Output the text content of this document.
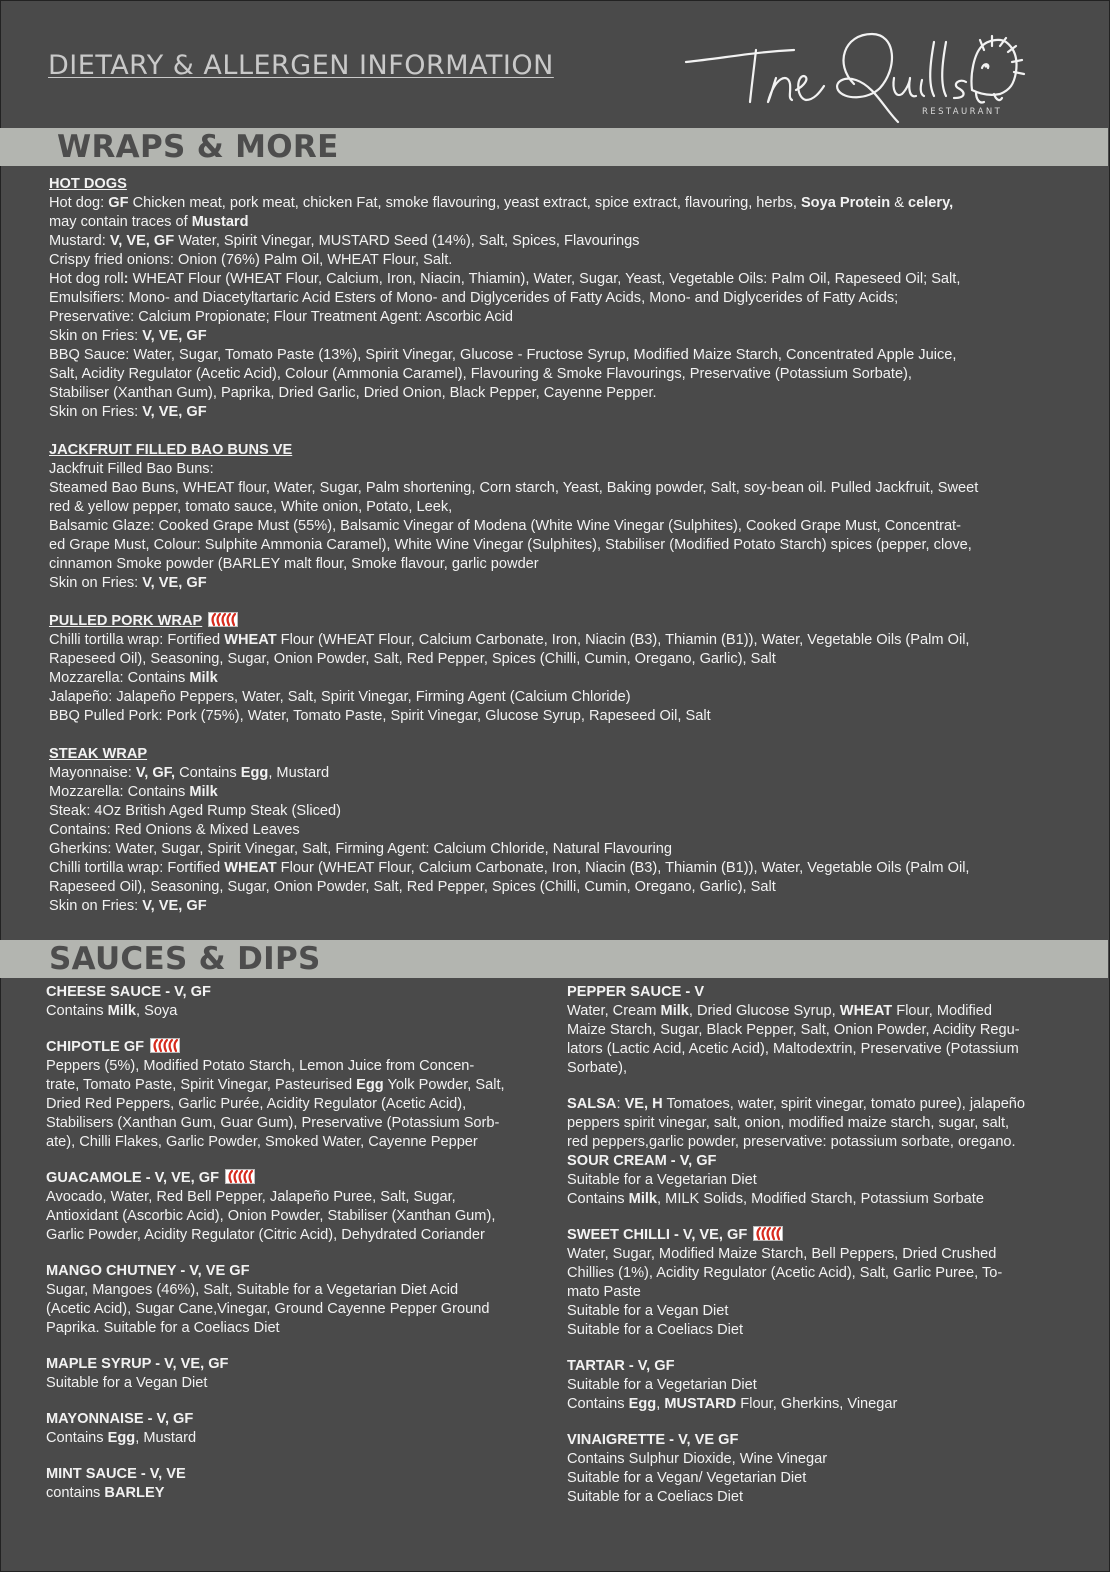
DIETARY & ALLERGEN INFORMATION
RESTAURANT
WRAPS & MORE
HOT DOGS
Hot dog: GF Chicken meat, pork meat, chicken Fat, smoke flavouring, yeast extract, spice extract, flavouring, herbs, Soya Protein & celery,
may contain traces of Mustard
Mustard: V, VE, GF Water, Spirit Vinegar, MUSTARD Seed (14%), Salt, Spices, Flavourings
Crispy fried onions: Onion (76%) Palm Oil, WHEAT Flour, Salt.
Hot dog roll: WHEAT Flour (WHEAT Flour, Calcium, Iron, Niacin, Thiamin), Water, Sugar, Yeast, Vegetable Oils: Palm Oil, Rapeseed Oil; Salt,
Emulsifiers: Mono- and Diacetyltartaric Acid Esters of Mono- and Diglycerides of Fatty Acids, Mono- and Diglycerides of Fatty Acids;
Preservative: Calcium Propionate; Flour Treatment Agent: Ascorbic Acid
Skin on Fries: V, VE, GF
BBQ Sauce: Water, Sugar, Tomato Paste (13%), Spirit Vinegar, Glucose - Fructose Syrup, Modified Maize Starch, Concentrated Apple Juice,
Salt, Acidity Regulator (Acetic Acid), Colour (Ammonia Caramel), Flavouring & Smoke Flavourings, Preservative (Potassium Sorbate),
Stabiliser (Xanthan Gum), Paprika, Dried Garlic, Dried Onion, Black Pepper, Cayenne Pepper.
Skin on Fries: V, VE, GF
JACKFRUIT FILLED BAO BUNS VE
Jackfruit Filled Bao Buns:
Steamed Bao Buns, WHEAT flour, Water, Sugar, Palm shortening, Corn starch, Yeast, Baking powder, Salt, soy-bean oil. Pulled Jackfruit, Sweet
red & yellow pepper, tomato sauce, White onion, Potato, Leek,
Balsamic Glaze: Cooked Grape Must (55%), Balsamic Vinegar of Modena (White Wine Vinegar (Sulphites), Cooked Grape Must, Concentrat-
ed Grape Must, Colour: Sulphite Ammonia Caramel), White Wine Vinegar (Sulphites), Stabiliser (Modified Potato Starch) spices (pepper, clove,
cinnamon Smoke powder (BARLEY malt flour, Smoke flavour, garlic powder
Skin on Fries: V, VE, GF
PULLED PORK WRAP
Chilli tortilla wrap: Fortified WHEAT Flour (WHEAT Flour, Calcium Carbonate, Iron, Niacin (B3), Thiamin (B1)), Water, Vegetable Oils (Palm Oil,
Rapeseed Oil), Seasoning, Sugar, Onion Powder, Salt, Red Pepper, Spices (Chilli, Cumin, Oregano, Garlic), Salt
Mozzarella: Contains Milk
Jalapeño: Jalapeño Peppers, Water, Salt, Spirit Vinegar, Firming Agent (Calcium Chloride)
BBQ Pulled Pork: Pork (75%), Water, Tomato Paste, Spirit Vinegar, Glucose Syrup, Rapeseed Oil, Salt
STEAK WRAP
Mayonnaise: V, GF, Contains Egg, Mustard
Mozzarella: Contains Milk
Steak: 4Oz British Aged Rump Steak (Sliced)
Contains: Red Onions & Mixed Leaves
Gherkins: Water, Sugar, Spirit Vinegar, Salt, Firming Agent: Calcium Chloride, Natural Flavouring
Chilli tortilla wrap: Fortified WHEAT Flour (WHEAT Flour, Calcium Carbonate, Iron, Niacin (B3), Thiamin (B1)), Water, Vegetable Oils (Palm Oil,
Rapeseed Oil), Seasoning, Sugar, Onion Powder, Salt, Red Pepper, Spices (Chilli, Cumin, Oregano, Garlic), Salt
Skin on Fries: V, VE, GF
SAUCES & DIPS
CHEESE SAUCE - V, GF
Contains Milk, Soya
CHIPOTLE GF
Peppers (5%), Modified Potato Starch, Lemon Juice from Concen-
trate, Tomato Paste, Spirit Vinegar, Pasteurised Egg Yolk Powder, Salt,
Dried Red Peppers, Garlic Purée, Acidity Regulator (Acetic Acid),
Stabilisers (Xanthan Gum, Guar Gum), Preservative (Potassium Sorb-
ate), Chilli Flakes, Garlic Powder, Smoked Water, Cayenne Pepper
GUACAMOLE - V, VE, GF
Avocado, Water, Red Bell Pepper, Jalapeño Puree, Salt, Sugar,
Antioxidant (Ascorbic Acid), Onion Powder, Stabiliser (Xanthan Gum),
Garlic Powder, Acidity Regulator (Citric Acid), Dehydrated Coriander
MANGO CHUTNEY - V, VE GF
Sugar, Mangoes (46%), Salt, Suitable for a Vegetarian Diet Acid
(Acetic Acid), Sugar Cane,Vinegar, Ground Cayenne Pepper Ground
Paprika. Suitable for a Coeliacs Diet
MAPLE SYRUP - V, VE, GF
Suitable for a Vegan Diet
MAYONNAISE - V, GF
Contains Egg, Mustard
MINT SAUCE - V, VE
contains BARLEY
PEPPER SAUCE - V
Water, Cream Milk, Dried Glucose Syrup, WHEAT Flour, Modified
Maize Starch, Sugar, Black Pepper, Salt, Onion Powder, Acidity Regu-
lators (Lactic Acid, Acetic Acid), Maltodextrin, Preservative (Potassium
Sorbate),
SALSA: VE, H Tomatoes, water, spirit vinegar, tomato puree), jalapeño
peppers spirit vinegar, salt, onion, modified maize starch, sugar, salt,
red peppers,garlic powder, preservative: potassium sorbate, oregano.
SOUR CREAM - V, GF
Suitable for a Vegetarian Diet
Contains Milk, MILK Solids, Modified Starch, Potassium Sorbate
SWEET CHILLI - V, VE, GF
Water, Sugar, Modified Maize Starch, Bell Peppers, Dried Crushed
Chillies (1%), Acidity Regulator (Acetic Acid), Salt, Garlic Puree, To-
mato Paste
Suitable for a Vegan Diet
Suitable for a Coeliacs Diet
TARTAR - V, GF
Suitable for a Vegetarian Diet
Contains Egg, MUSTARD Flour, Gherkins, Vinegar
VINAIGRETTE - V, VE GF
Contains Sulphur Dioxide, Wine Vinegar
Suitable for a Vegan/ Vegetarian Diet
Suitable for a Coeliacs Diet
